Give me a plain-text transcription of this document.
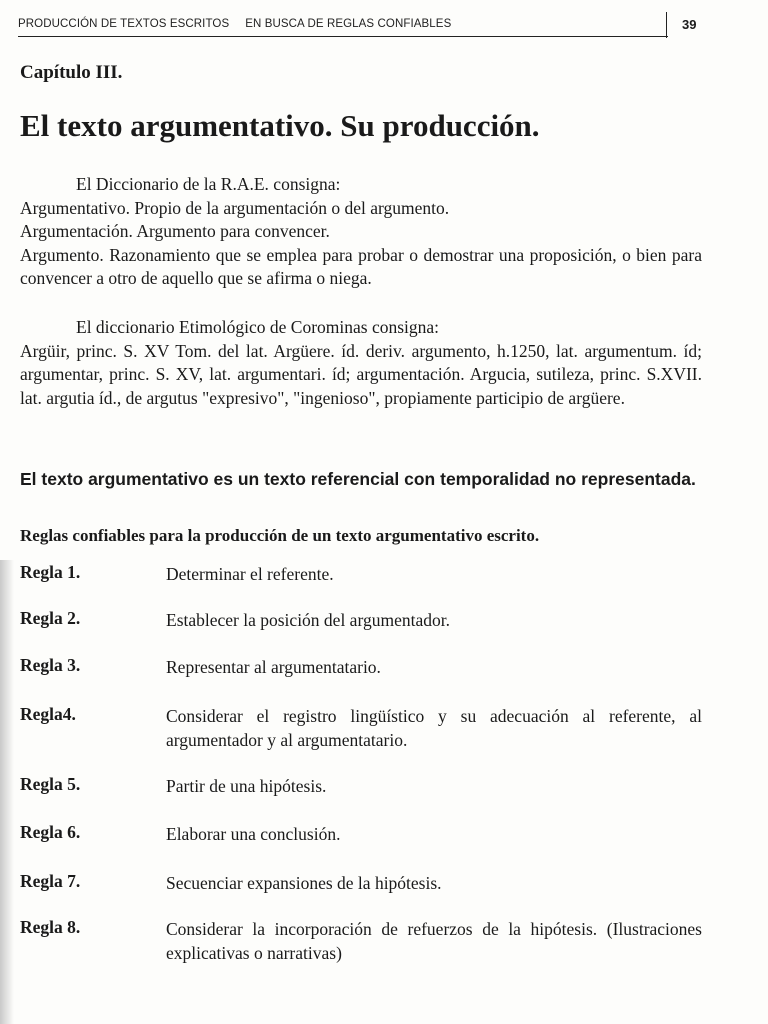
PRODUCCIÓN DE TEXTOS ESCRITOS EN BUSCA DE REGLAS CONFIABLES	39
Capítulo III.
El texto argumentativo. Su producción.

El Diccionario de la R.A.E. consigna:

Argumentativo. Propio de la argumentación o del argumento.

Argumentación. Argumento para convencer.

Argumento. Razonamiento que se emplea para probar o demostrar una proposición, o bien para convencer a otro de aquello que se afirma o niega.

El diccionario Etimológico de Corominas consigna:

Argüir, princ. S. XV Tom. del lat. Argüere. íd. deriv. argumento, h.1250, lat. argumentum. íd; argumentar, princ. S. XV, lat. argumentari. íd; argumentación. Arguciа, sutileza, princ. S.XVII. lat. argutia íd., de argutus "expresivo", "ingenioso", propiamente participio de argüere.

El texto argumentativo es un texto referencial con temporalidad no representada.
Reglas confiables para la producción de un texto argumentativo escrito.
Regla 1.	Determinar el referente.
Regla 2.	Establecer la posición del argumentador.
Regla 3.	Representar al argumentatario.
Regla4.	Considerar el registro lingüístico y su adecuación al referente, al argumentador y al argumentatario.
Regla 5.	Partir de una hipótesis.
Regla 6.	Elaborar una conclusión.
Regla 7.	Secuenciar expansiones de la hipótesis.
Regla 8.	Considerar la incorporación de refuerzos de la hipótesis. (Ilustraciones explicativas o narrativas)
